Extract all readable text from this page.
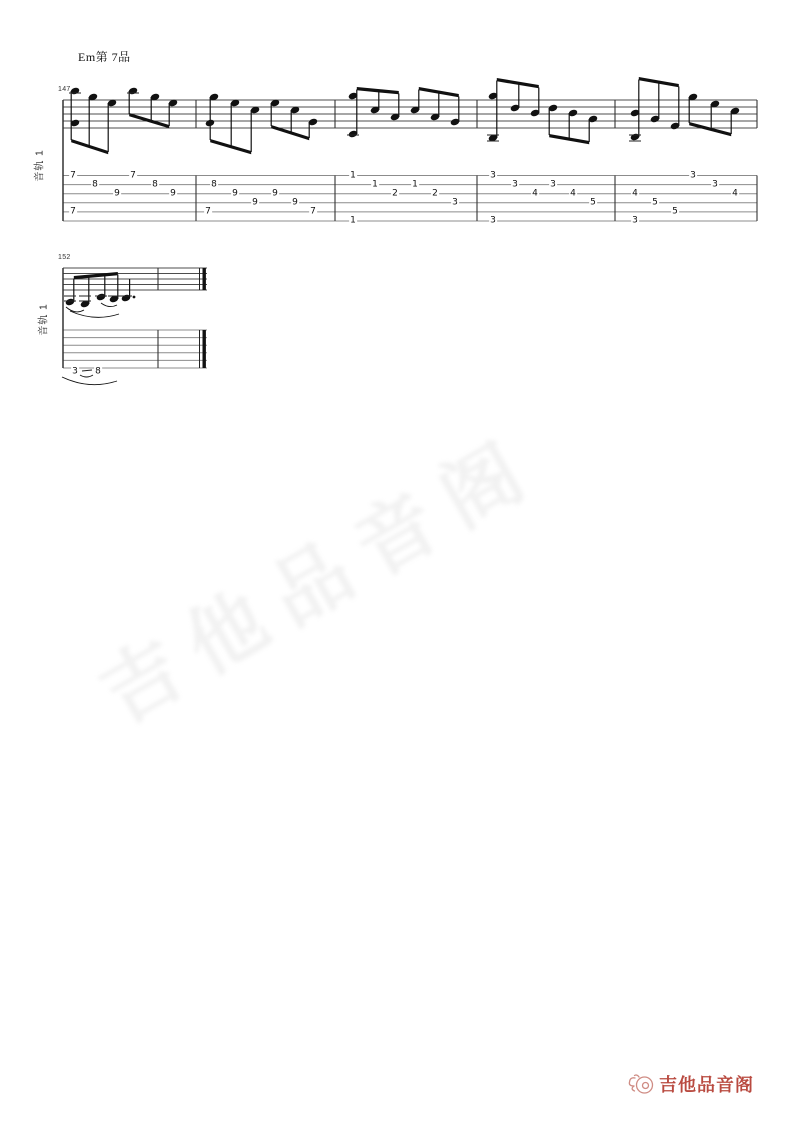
Em第 7品
7
7
8
9
7
8
9
7
8
9
9
9
9
7
1
1
1
2
1
2
3
3
3
3
4
3
4
5
4
3
5
5
3
3
4
3 8
147
152
音轨 1
音轨 1
吉他品音阁
吉他品音阁
